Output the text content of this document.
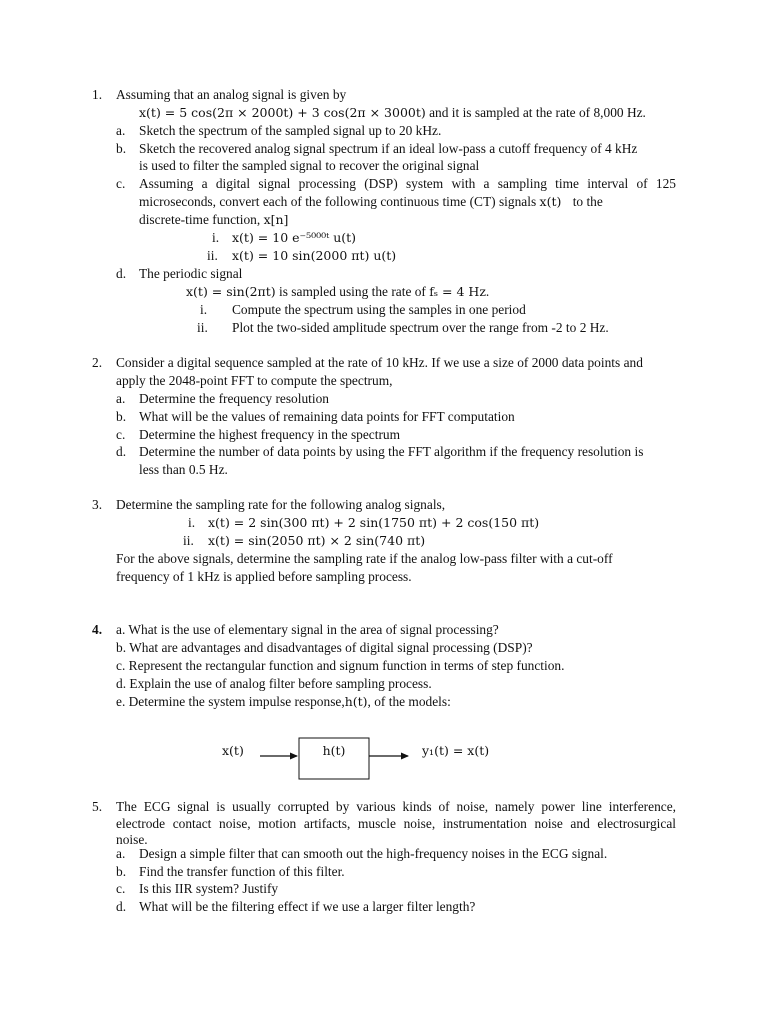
1. Assuming that an analog signal is given by
x(t) = 5 cos(2π × 2000t) + 3 cos(2π × 3000t) and it is sampled at the rate of 8,000 Hz.
a. Sketch the spectrum of the sampled signal up to 20 kHz.
b. Sketch the recovered analog signal spectrum if an ideal low-pass a cutoff frequency of 4 kHz
is used to filter the sampled signal to recover the original signal
c. Assuming a digital signal processing (DSP) system with a sampling time interval of 125
microseconds, convert each of the following continuous time (CT) signals x(t) to the
discrete-time function, x[n]
i. x(t) = 10 e⁻⁵⁰⁰⁰ᵗ u(t)
ii. x(t) = 10 sin(2000 πt) u(t)
d. The periodic signal
x(t) = sin(2πt) is sampled using the rate of fₛ = 4 Hz.
i. Compute the spectrum using the samples in one period
ii. Plot the two-sided amplitude spectrum over the range from -2 to 2 Hz.
2. Consider a digital sequence sampled at the rate of 10 kHz. If we use a size of 2000 data points and
apply the 2048-point FFT to compute the spectrum,
a. Determine the frequency resolution
b. What will be the values of remaining data points for FFT computation
c. Determine the highest frequency in the spectrum
d. Determine the number of data points by using the FFT algorithm if the frequency resolution is
less than 0.5 Hz.
3. Determine the sampling rate for the following analog signals,
i. x(t) = 2 sin(300 πt) + 2 sin(1750 πt) + 2 cos(150 πt)
ii. x(t) = sin(2050 πt) × 2 sin(740 πt)
For the above signals, determine the sampling rate if the analog low-pass filter with a cut-off
frequency of 1 kHz is applied before sampling process.
4. a. What is the use of elementary signal in the area of signal processing?
b. What are advantages and disadvantages of digital signal processing (DSP)?
c. Represent the rectangular function and signum function in terms of step function.
d. Explain the use of analog filter before sampling process.
e. Determine the system impulse response,h(t), of the models:
x(t)	h(t)	y₁(t) = x(t)
5. The ECG signal is usually corrupted by various kinds of noise, namely power line interference,
electrode contact noise, motion artifacts, muscle noise, instrumentation noise and electrosurgical
noise.
a. Design a simple filter that can smooth out the high-frequency noises in the ECG signal.
b. Find the transfer function of this filter.
c. Is this IIR system? Justify
d. What will be the filtering effect if we use a larger filter length?
